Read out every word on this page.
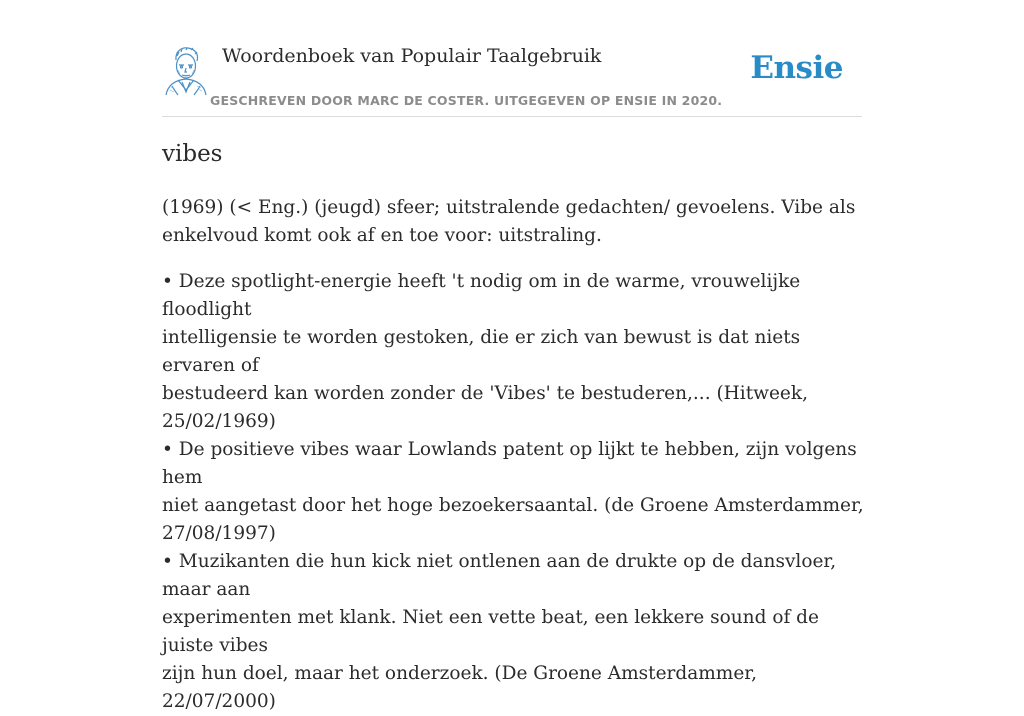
Woordenboek van Populair Taalgebruik
GESCHREVEN DOOR MARC DE COSTER. UITGEGEVEN OP ENSIE IN 2020.
Ensie
vibes

(1969) (< Eng.) (jeugd) sfeer; uitstralende gedachten/ gevoelens. Vibe als
enkelvoud komt ook af en toe voor: uitstraling.

• Deze spotlight-energie heeft 't nodig om in de warme, vrouwelijke floodlight
intelligensie te worden gestoken, die er zich van bewust is dat niets ervaren of
bestudeerd kan worden zonder de 'Vibes' te bestuderen,... (Hitweek, 25/02/1969)
• De positieve vibes waar Lowlands patent op lijkt te hebben, zijn volgens hem
niet aangetast door het hoge bezoekersaantal. (de Groene Amsterdammer,
27/08/1997)
• Muzikanten die hun kick niet ontlenen aan de drukte op de dansvloer, maar aan
experimenten met klank. Niet een vette beat, een lekkere sound of de juiste vibes
zijn hun doel, maar het onderzoek. (De Groene Amsterdammer, 22/07/2000)
